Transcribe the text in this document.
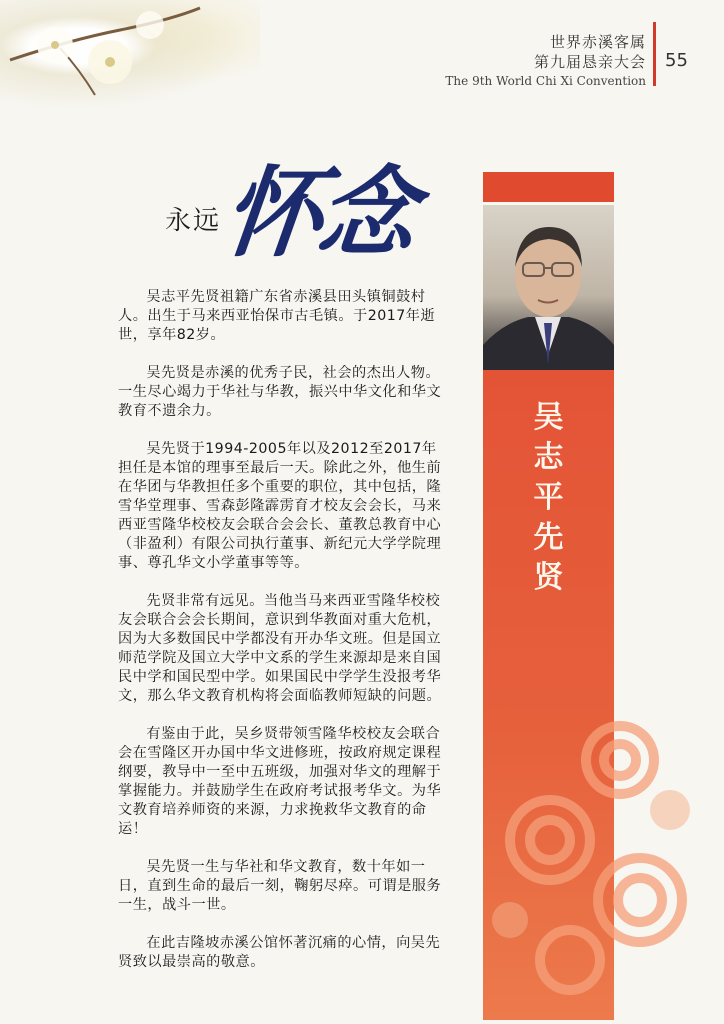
世界赤溪客属
第九届恳亲大会
The 9th World Chi Xi Convention
55
永远
怀念

吴志平先贤祖籍广东省赤溪县田头镇铜鼓村人。出生于马来西亚怡保市古毛镇。于2017年逝世，享年82岁。

吴先贤是赤溪的优秀子民，社会的杰出人物。一生尽心竭力于华社与华教，振兴中华文化和华文教育不遗余力。

吴先贤于1994-2005年以及2012至2017年担任是本馆的理事至最后一天。除此之外，他生前在华团与华教担任多个重要的职位，其中包括，隆雪华堂理事、雪森彭隆霹雳育才校友会会长，马来西亚雪隆华校校友会联合会会长、董教总教育中心（非盈利）有限公司执行董事、新纪元大学学院理事、尊孔华文小学董事等等。

先贤非常有远见。当他当马来西亚雪隆华校校友会联合会会长期间，意识到华教面对重大危机，因为大多数国民中学都没有开办华文班。但是国立师范学院及国立大学中文系的学生来源却是来自国民中学和国民型中学。如果国民中学学生没报考华文，那么华文教育机构将会面临教师短缺的问题。

有鉴由于此，吴乡贤带领雪隆华校校友会联合会在雪隆区开办国中华文进修班，按政府规定课程纲要，教导中一至中五班级，加强对华文的理解于掌握能力。并鼓励学生在政府考试报考华文。为华文教育培养师资的来源，力求挽救华文教育的命运！

吴先贤一生与华社和华文教育，数十年如一日，直到生命的最后一刻，鞠躬尽瘁。可谓是服务一生，战斗一世。

在此吉隆坡赤溪公馆怀著沉痛的心情，向吴先贤致以最崇高的敬意。

吴
志
平
先
贤
